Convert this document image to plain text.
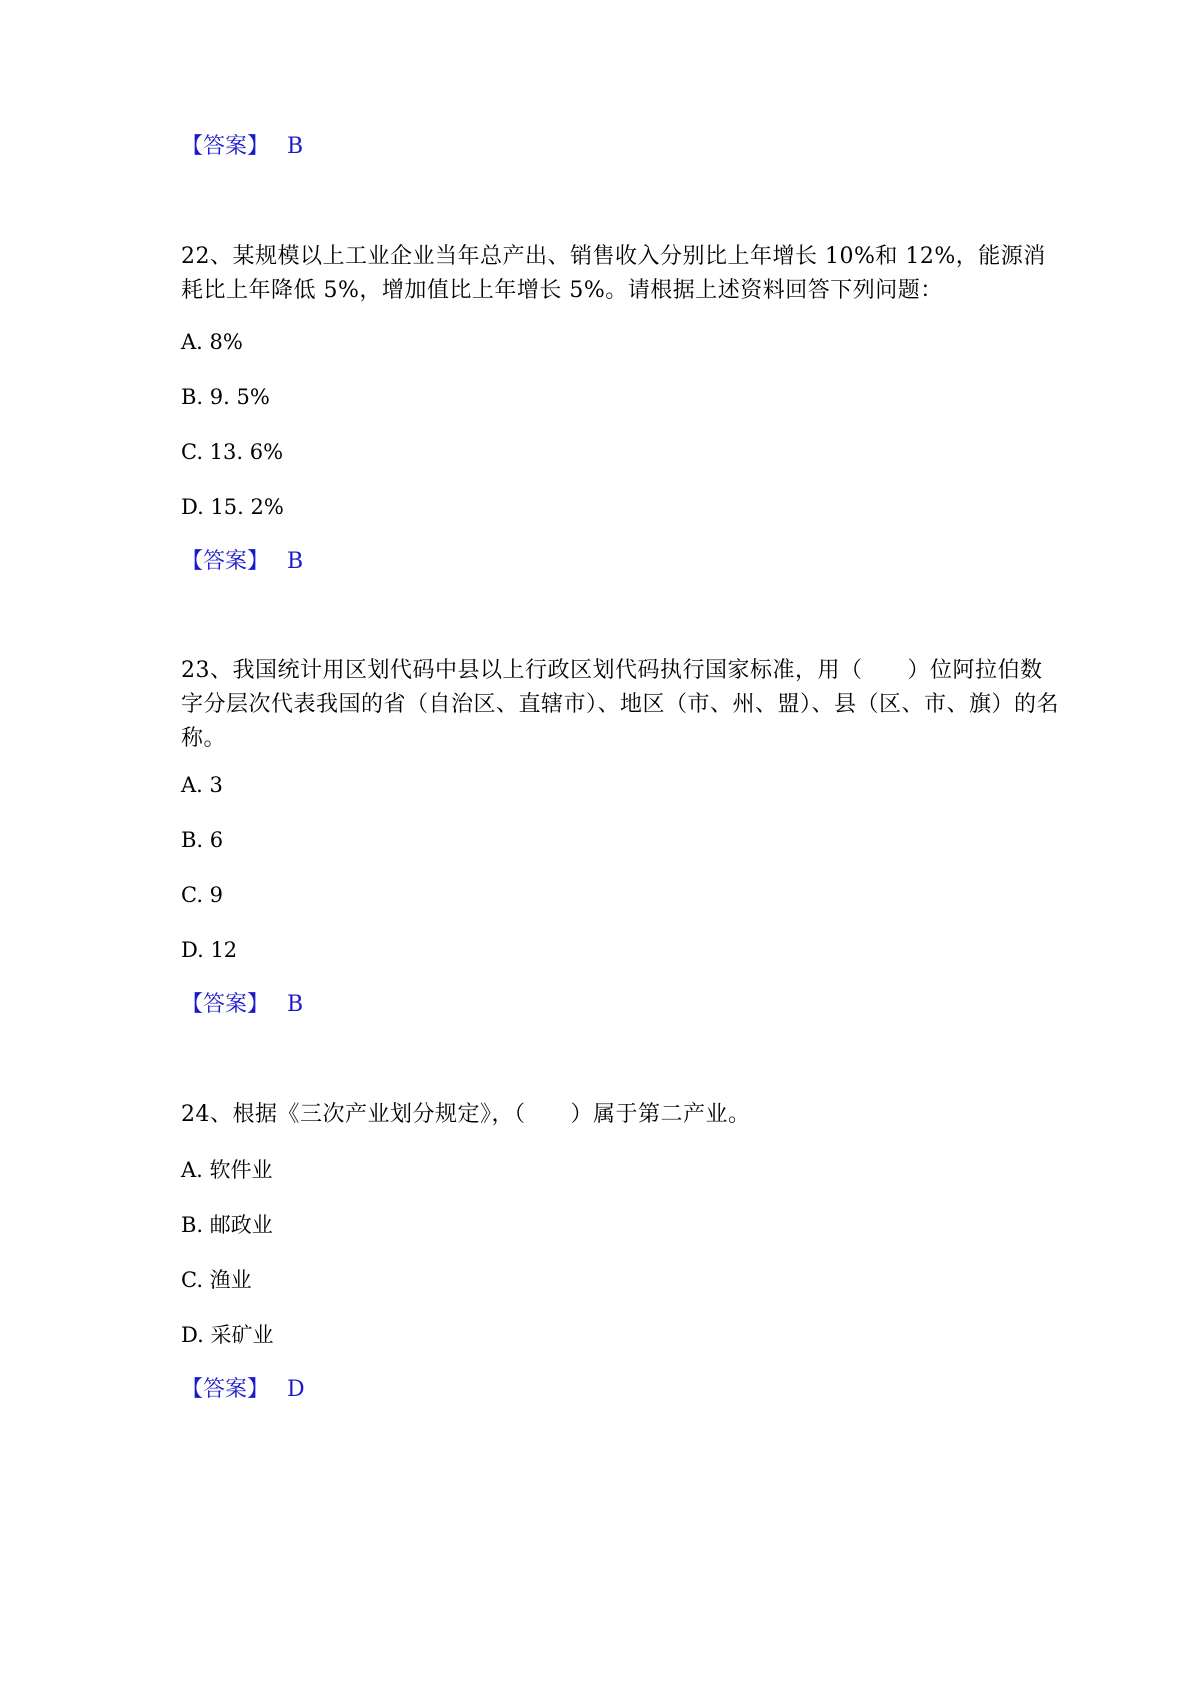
【答案】 B

22、某规模以上工业企业当年总产出、销售收入分别比上年增长 10%和 12%，能源消耗比上年降低 5%，增加值比上年增长 5%。请根据上述资料回答下列问题：

A. 8%
B. 9. 5%
C. 13. 6%
D. 15. 2%
【答案】 B

23、我国统计用区划代码中县以上行政区划代码执行国家标准，用（　　）位阿拉伯数字分层次代表我国的省（自治区、直辖市）、地区（市、州、盟）、县（区、市、旗）的名称。

A. 3
B. 6
C. 9
D. 12
【答案】 B

24、根据《三次产业划分规定》，（　　）属于第二产业。

A. 软件业
B. 邮政业
C. 渔业
D. 采矿业
【答案】 D
